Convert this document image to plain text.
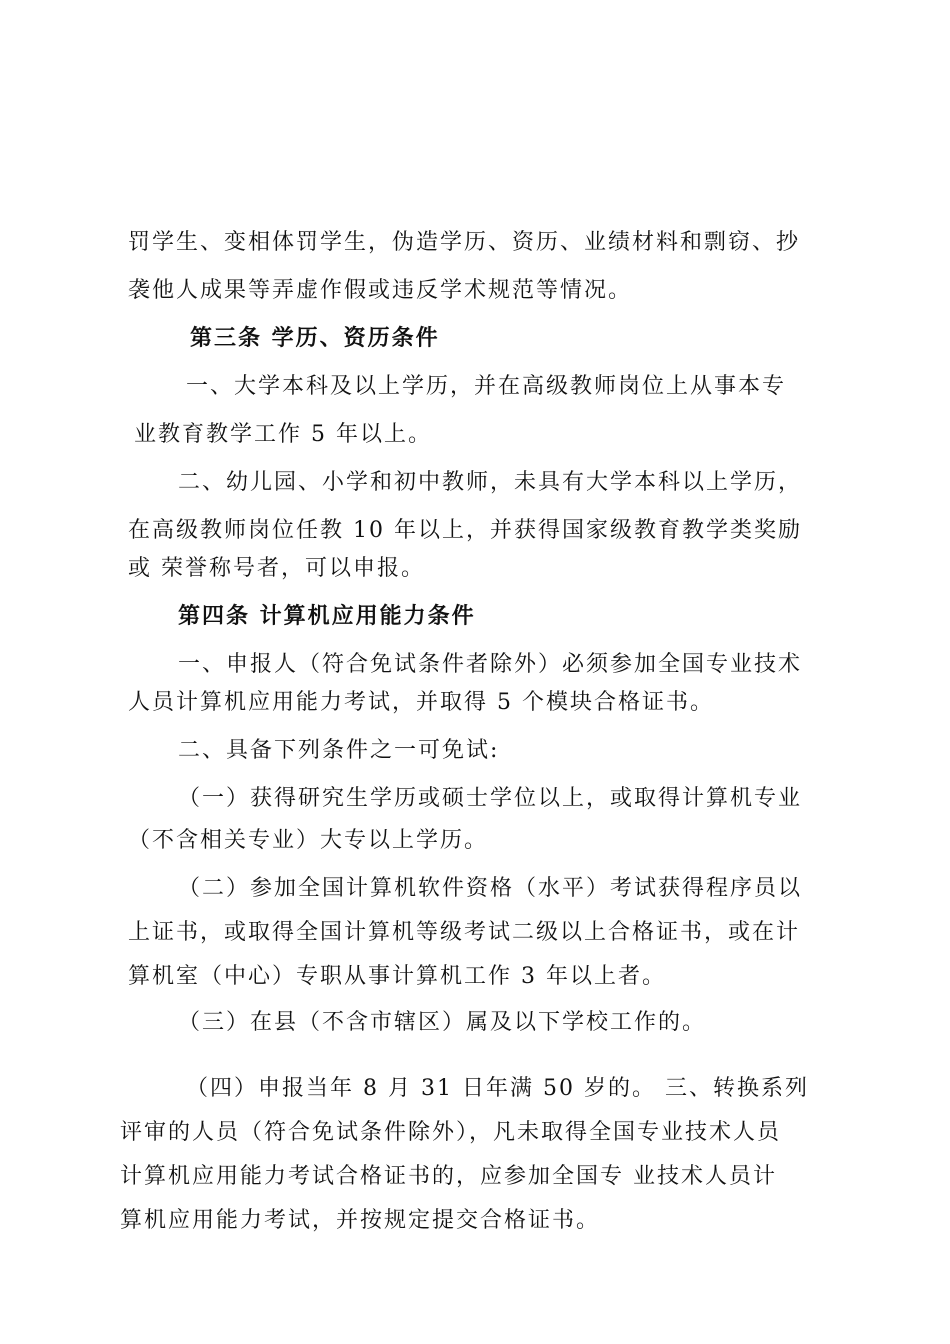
罚学生、变相体罚学生，伪造学历、资历、业绩材料和剽窃、抄
袭他人成果等弄虚作假或违反学术规范等情况。
第三条 学历、资历条件
一、大学本科及以上学历，并在高级教师岗位上从事本专
业教育教学工作 5 年以上。
二、幼儿园、小学和初中教师，未具有大学本科以上学历，
在高级教师岗位任教 10 年以上，并获得国家级教育教学类奖励
或 荣誉称号者，可以申报。
第四条 计算机应用能力条件
一、申报人（符合免试条件者除外）必须参加全国专业技术
人员计算机应用能力考试，并取得 5 个模块合格证书。
二、具备下列条件之一可免试:
（一）获得研究生学历或硕士学位以上，或取得计算机专业
（不含相关专业）大专以上学历。
（二）参加全国计算机软件资格（水平）考试获得程序员以
上证书，或取得全国计算机等级考试二级以上合格证书，或在计
算机室（中心）专职从事计算机工作 3 年以上者。
（三）在县（不含市辖区）属及以下学校工作的。
（四）申报当年 8 月 31 日年满 50 岁的。 三、转换系列
评审的人员（符合免试条件除外），凡未取得全国专业技术人员
计算机应用能力考试合格证书的，应参加全国专 业技术人员计
算机应用能力考试，并按规定提交合格证书。
